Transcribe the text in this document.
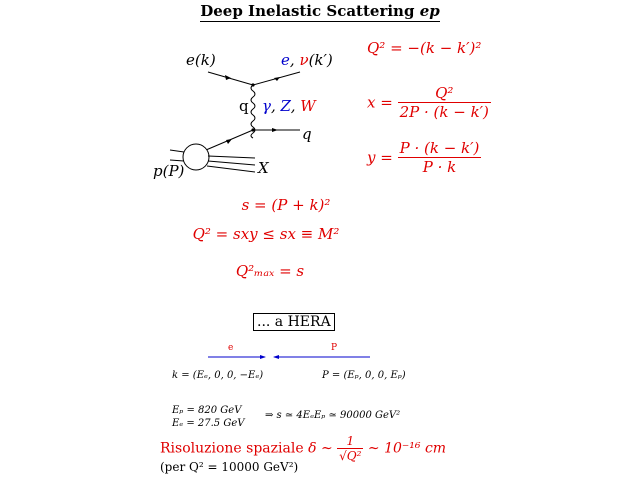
Deep Inelastic Scattering ep
e(k)	e, ν(k′)
q γ, Z, W
q
p(P)	X
Q² = −(k − k′)²
$x = \frac{\text{Q²}}{2P \cdot (k - k')}$
$y = \frac{P \cdot (k - k')}{P \cdot k}$
s = (P + k)²
Q² = sxy ≤ sx ≡ M²
Q²ₘₐₓ = s
... a HERA
e	P
k = (Eₑ, 0, 0, −Eₑ)	P = (Eₚ, 0, 0, Eₚ)
Eₚ = 820 GeV
Eₑ = 27.5 GeV
⇒ s ≃ 4EₑEₚ ≃ 90000 GeV²
Risoluzione spaziale δ ∼ $\frac{1}{\text{√Q²}}$ ∼ 10⁻¹⁶ cm
(per Q² = 10000 GeV²)
